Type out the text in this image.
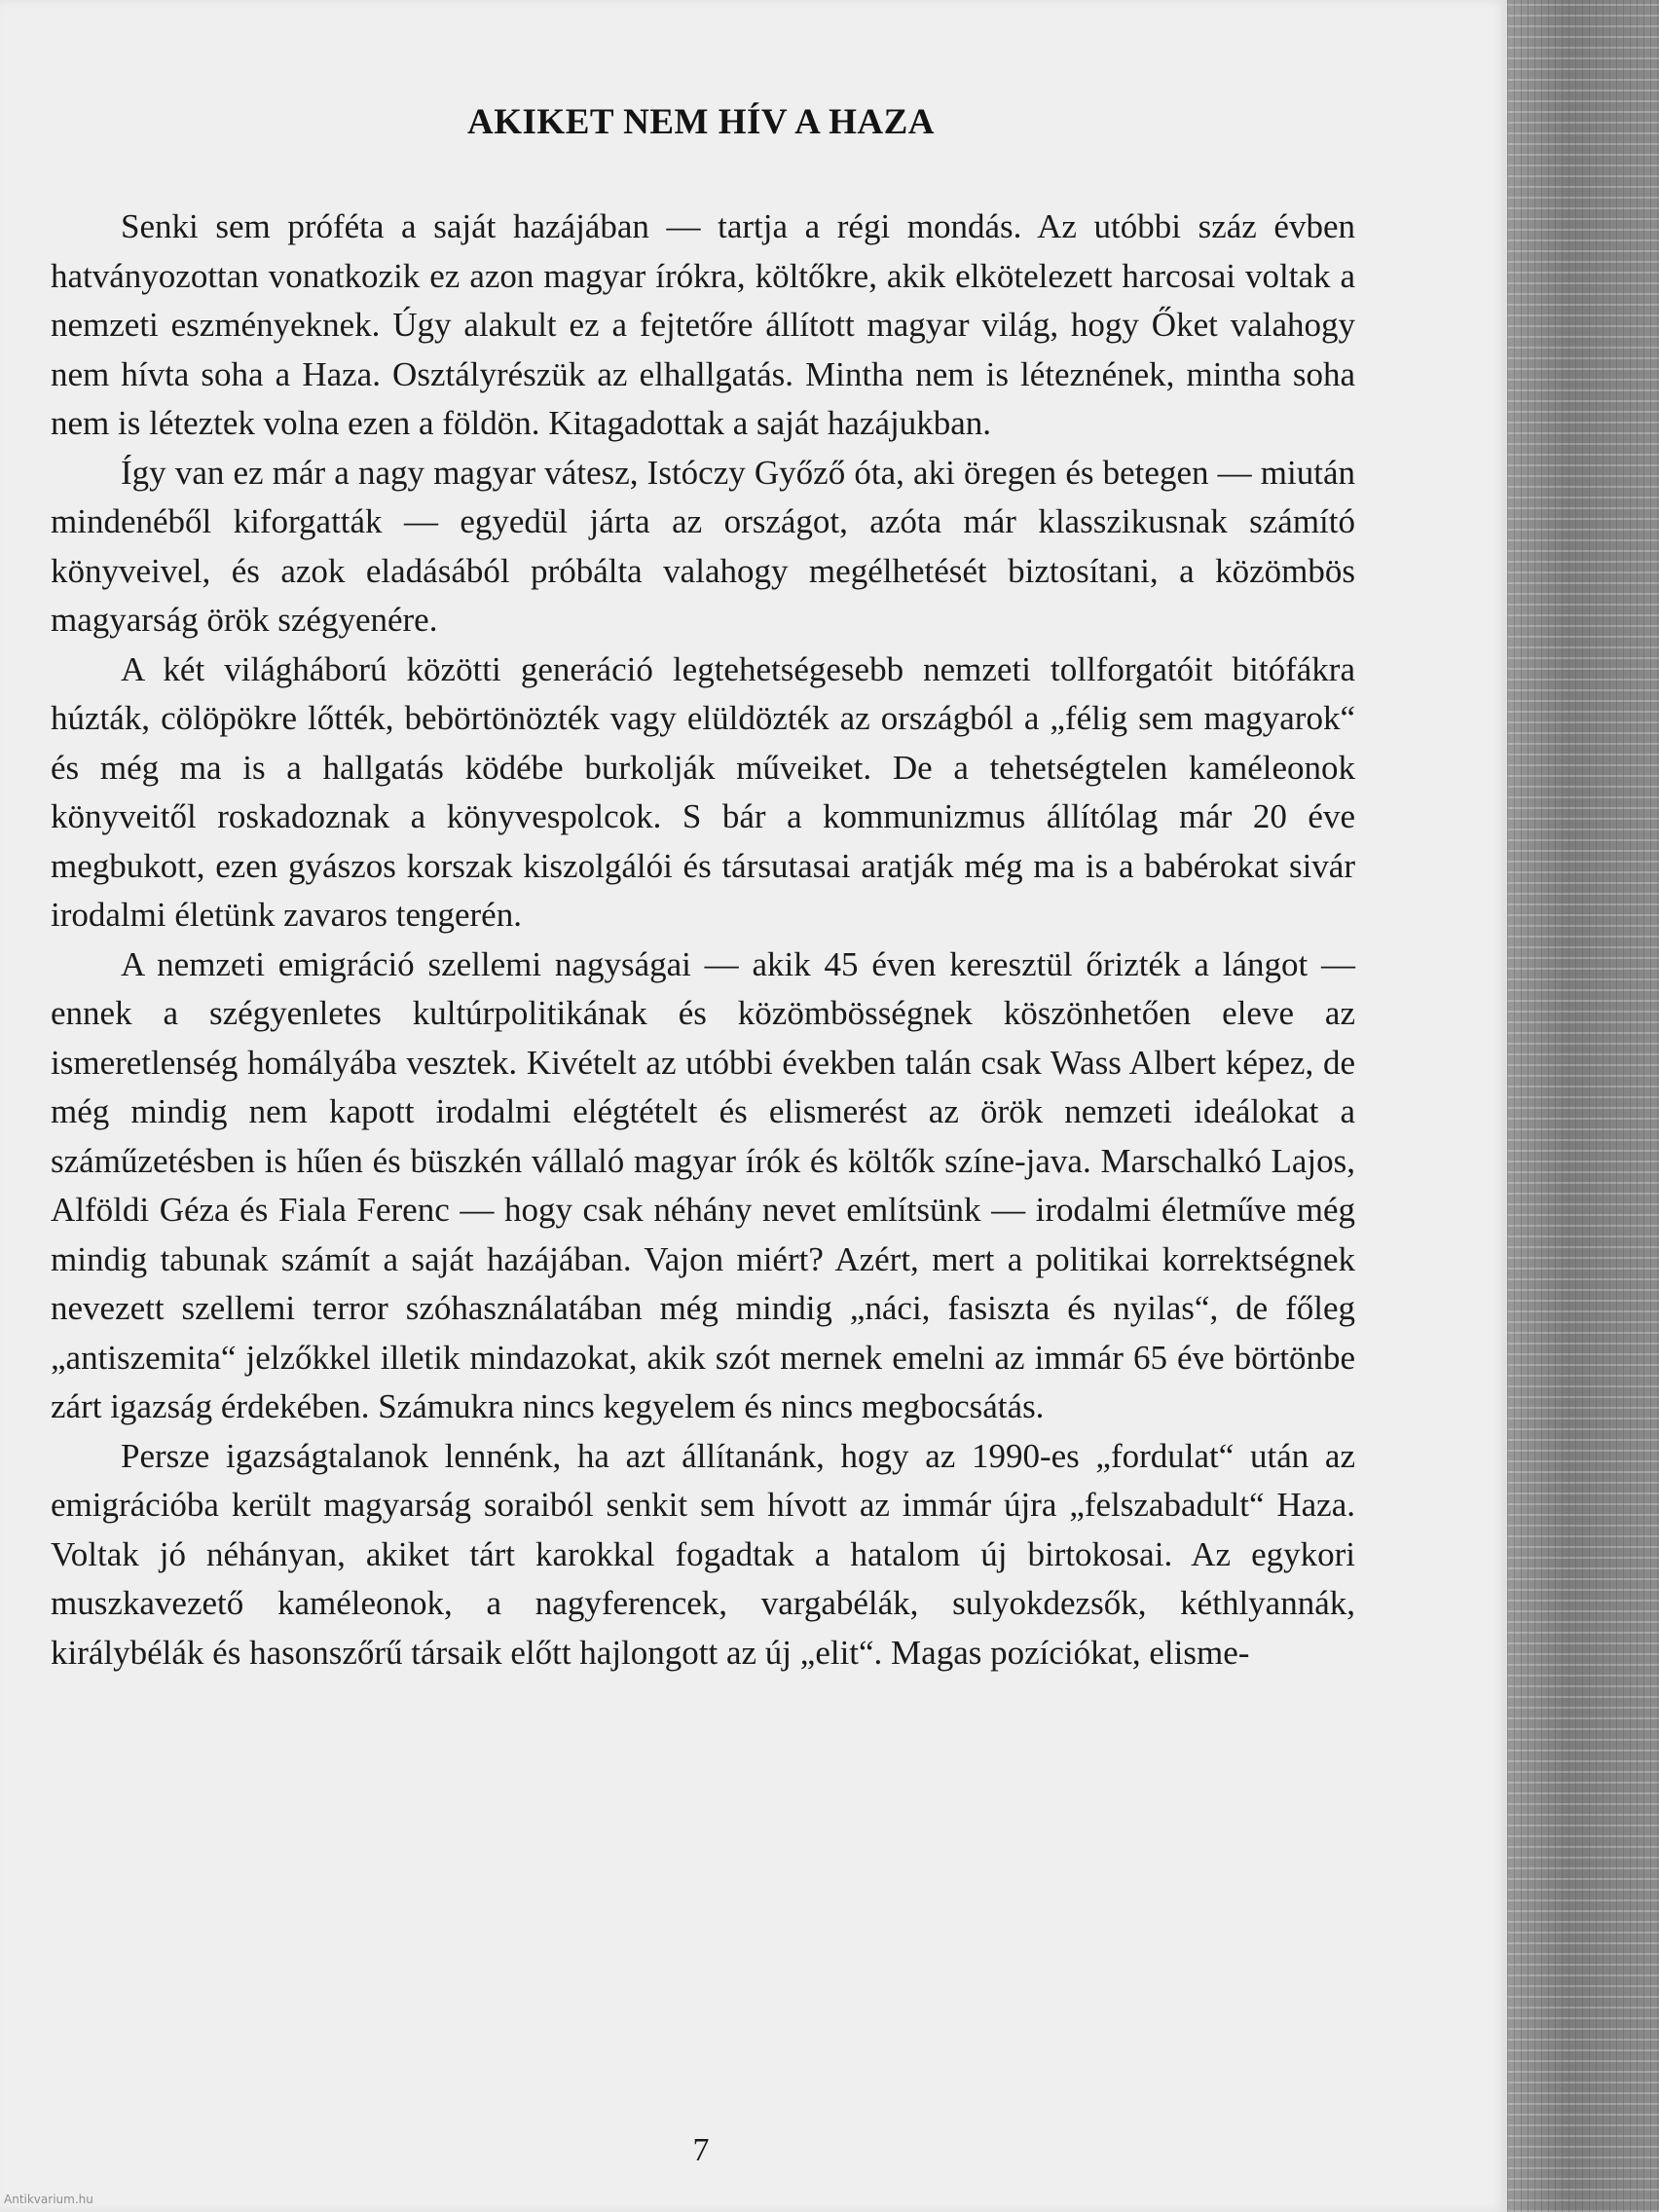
AKIKET NEM HÍV A HAZA

Senki sem próféta a saját hazájában — tartja a régi mondás. Az utóbbi száz évben hatványozottan vonatkozik ez azon magyar írókra, költőkre, akik elkötelezett harcosai voltak a nemzeti eszményeknek. Úgy alakult ez a fejtetőre állított magyar világ, hogy Őket valahogy nem hívta soha a Haza. Osztályrészük az elhallgatás. Mintha nem is léteznének, mintha soha nem is léteztek volna ezen a földön. Kitagadottak a saját hazájukban.

Így van ez már a nagy magyar vátesz, Istóczy Győző óta, aki öregen és betegen — miután mindenéből kiforgatták — egyedül járta az országot, azóta már klasszikusnak számító könyveivel, és azok eladásából próbálta valahogy megélhetését biztosítani, a közömbös magyarság örök szégyenére.

A két világháború közötti generáció legtehetségesebb nemzeti tollforgatóit bitófákra húzták, cölöpökre lőtték, bebörtönözték vagy elüldözték az országból a „félig sem magyarok“ és még ma is a hallgatás ködébe burkolják műveiket. De a tehetségtelen kaméleonok könyveitől roskadoznak a könyvespolcok. S bár a kommunizmus állítólag már 20 éve megbukott, ezen gyászos korszak kiszolgálói és társutasai aratják még ma is a babérokat sivár irodalmi életünk zavaros tengerén.

A nemzeti emigráció szellemi nagyságai — akik 45 éven keresztül őrizték a lángot — ennek a szégyenletes kultúrpolitikának és közömbösségnek köszönhetően eleve az ismeretlenség homályába vesztek. Kivételt az utóbbi években talán csak Wass Albert képez, de még mindig nem kapott irodalmi elégtételt és elismerést az örök nemzeti ideálokat a száműzetésben is hűen és büszkén vállaló magyar írók és költők színe-java. Marschalkó Lajos, Alföldi Géza és Fiala Ferenc — hogy csak néhány nevet említsünk — irodalmi életműve még mindig tabunak számít a saját hazájában. Vajon miért? Azért, mert a politikai korrektségnek nevezett szellemi terror szóhasználatában még mindig „náci, fasiszta és nyilas“, de főleg „antiszemita“ jelzőkkel illetik mindazokat, akik szót mernek emelni az immár 65 éve börtönbe zárt igazság érdekében. Számukra nincs kegyelem és nincs megbocsátás.

Persze igazságtalanok lennénk, ha azt állítanánk, hogy az 1990-es „fordulat“ után az emigrációba került magyarság soraiból senkit sem hívott az immár újra „felszabadult“ Haza. Voltak jó néhányan, akiket tárt karokkal fogadtak a hatalom új birtokosai. Az egykori muszkavezető kaméleonok, a nagyferencek, vargabélák, sulyokdezsők, kéthlyannák, királybélák és hasonszőrű társaik előtt hajlongott az új „elit“. Magas pozíciókat, elisme-

7
Antikvarium.hu
